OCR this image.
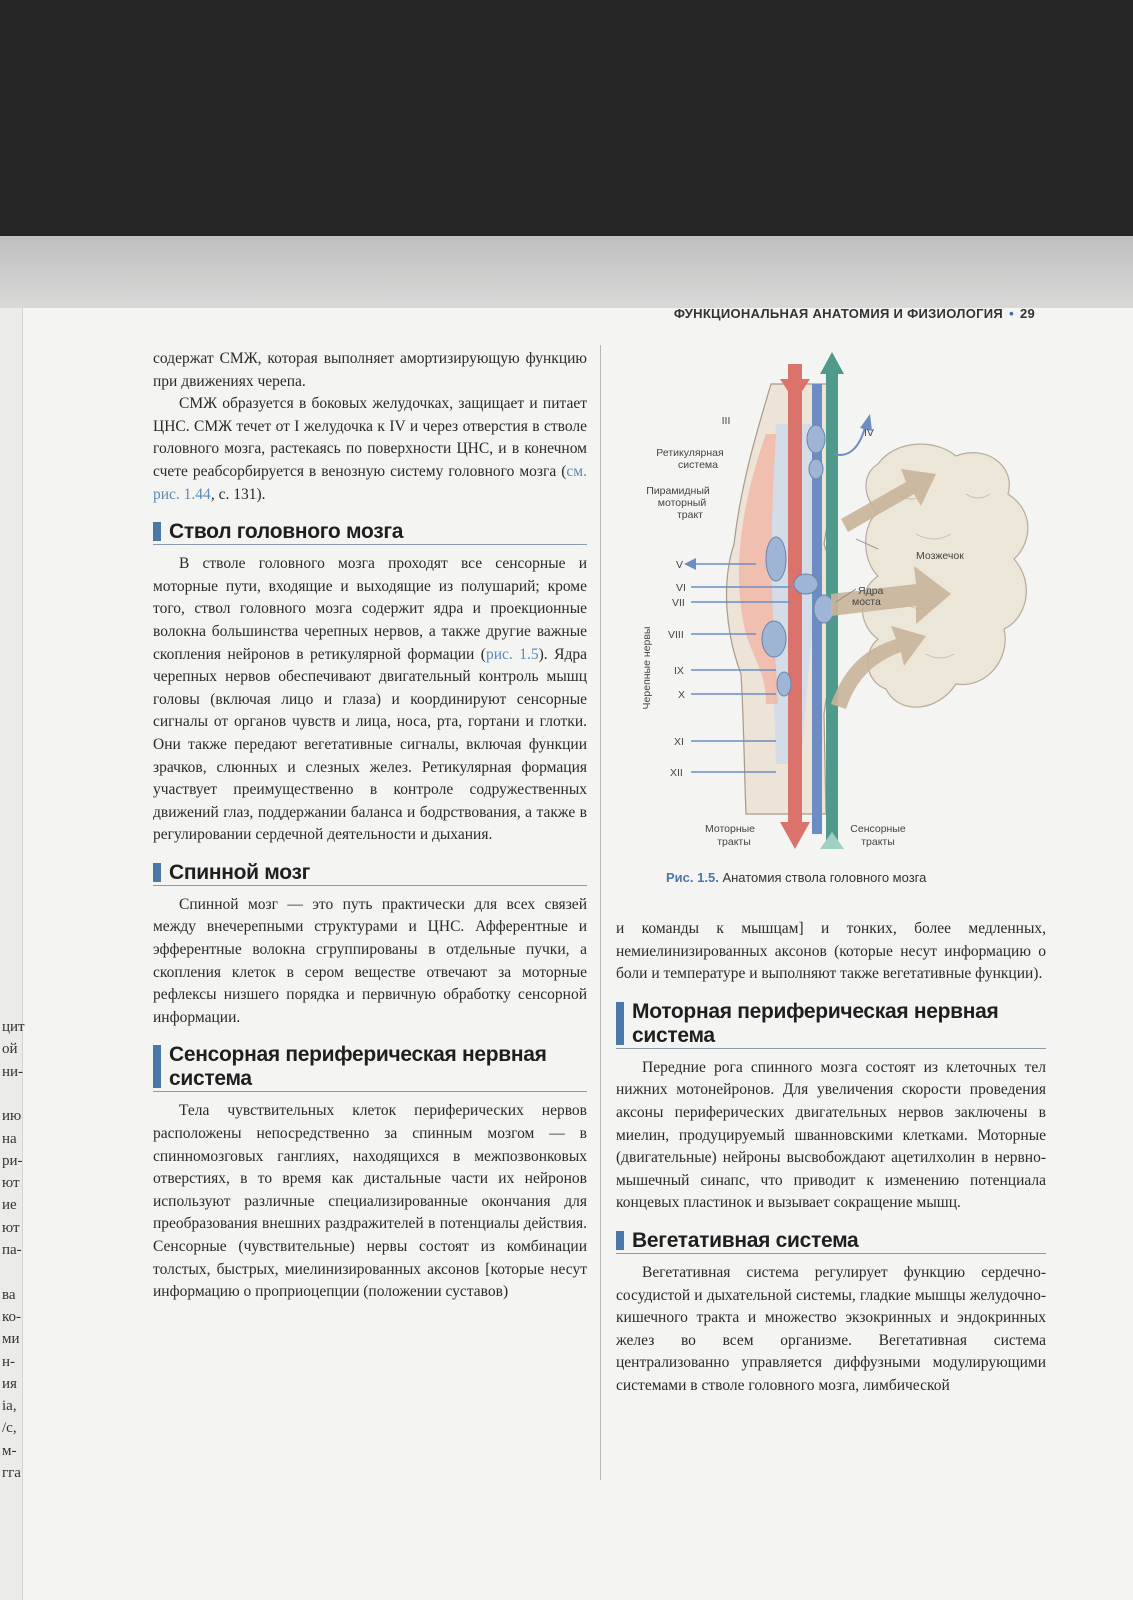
цит
ой
ни-
ию
на
ри-
ют
ие
ют
па-
ва
ко-
ми
н-
ия
ia,
/c,
м-
гга
ФУНКЦИОНАЛЬНАЯ АНАТОМИЯ И ФИЗИОЛОГИЯ • 29

содержат СМЖ, которая выполняет амортизирующую функцию при движениях черепа.

СМЖ образуется в боковых желудочках, защищает и питает ЦНС. СМЖ течет от I желудочка к IV и через отверстия в стволе головного мозга, растекаясь по поверхности ЦНС, и в конечном счете реабсорбируется в венозную систему головного мозга (см. рис. 1.44, с. 131).

Ствол головного мозга

В стволе головного мозга проходят все сенсорные и моторные пути, входящие и выходящие из полушарий; кроме того, ствол головного мозга содержит ядра и проекционные волокна большинства черепных нервов, а также другие важные скопления нейронов в ретикулярной формации (рис. 1.5). Ядра черепных нервов обеспечивают двигательный контроль мышц головы (включая лицо и глаза) и координируют сенсорные сигналы от органов чувств и лица, носа, рта, гортани и глотки. Они также передают вегетативные сигналы, включая функции зрачков, слюнных и слезных желез. Ретикулярная формация участвует преимущественно в контроле содружественных движений глаз, поддержании баланса и бодрствования, а также в регулировании сердечной деятельности и дыхания.

Спинной мозг

Спинной мозг — это путь практически для всех связей между внечерепными структурами и ЦНС. Афферентные и эфферентные волокна сгруппированы в отдельные пучки, а скопления клеток в сером веществе отвечают за моторные рефлексы низшего порядка и первичную обработку сенсорной информации.

Сенсорная периферическая нервная
система

Тела чувствительных клеток периферических нервов расположены непосредственно за спинным мозгом — в спинномозговых ганглиях, находящихся в межпозвонковых отверстиях, в то время как дистальные части их нейронов используют различные специализированные окончания для преобразования внешних раздражителей в потенциалы действия. Сенсорные (чувствительные) нервы состоят из комбинации толстых, быстрых, миелинизированных аксонов [которые несут информацию о проприоцепции (положении суставов)

III
IV
V
VI
VII
VIII
IX
X
XI
XII
Ретикулярная система
Пирамидный моторный тракт
Мозжечок
Ядра моста
Черепные нервы
Моторные тракты
Сенсорные тракты
Рис. 1.5. Анатомия ствола головного мозга

и команды к мышцам] и тонких, более медленных, немиелинизированных аксонов (которые несут информацию о боли и температуре и выполняют также вегетативные функции).

Моторная периферическая нервная
система

Передние рога спинного мозга состоят из клеточных тел нижних мотонейронов. Для увеличения скорости проведения аксоны периферических двигательных нервов заключены в миелин, продуцируемый шванновскими клетками. Моторные (двигательные) нейроны высвобождают ацетилхолин в нервно-мышечный синапс, что приводит к изменению потенциала концевых пластинок и вызывает сокращение мышц.

Вегетативная система

Вегетативная система регулирует функцию сердечно-сосудистой и дыхательной системы, гладкие мышцы желудочно-кишечного тракта и множество экзокринных и эндокринных желез во всем организме. Вегетативная система централизованно управляется диффузными модулирующими системами в стволе головного мозга, лимбической
